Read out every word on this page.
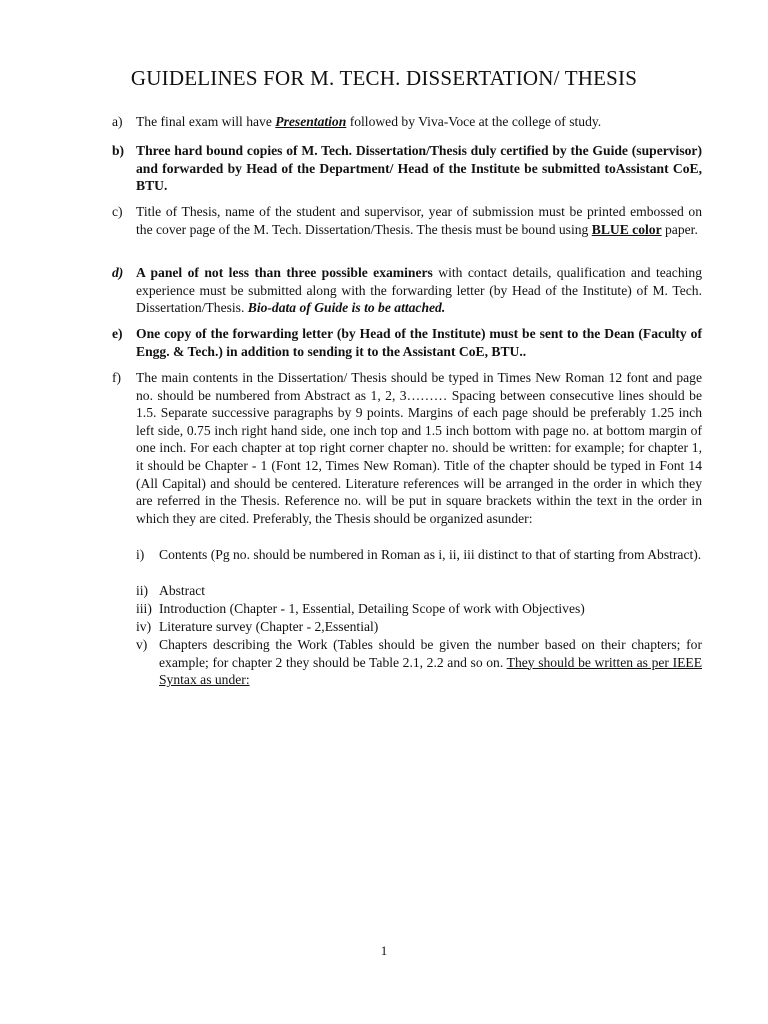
GUIDELINES FOR M. TECH. DISSERTATION/ THESIS
a) The final exam will have Presentation followed by Viva-Voce at the college of study.
b) Three hard bound copies of M. Tech. Dissertation/Thesis duly certified by the Guide (supervisor) and forwarded by Head of the Department/ Head of the Institute be submitted toAssistant CoE, BTU.
c) Title of Thesis, name of the student and supervisor, year of submission must be printed embossed on the cover page of the M. Tech. Dissertation/Thesis. The thesis must be bound using BLUE color paper.
d) A panel of not less than three possible examiners with contact details, qualification and teaching experience must be submitted along with the forwarding letter (by Head of the Institute) of M. Tech. Dissertation/Thesis. Bio-data of Guide is to be attached.
e) One copy of the forwarding letter (by Head of the Institute) must be sent to the Dean (Faculty of Engg. & Tech.) in addition to sending it to the Assistant CoE, BTU..
f) The main contents in the Dissertation/ Thesis should be typed in Times New Roman 12 font and page no. should be numbered from Abstract as 1, 2, 3……… Spacing between consecutive lines should be 1.5. Separate successive paragraphs by 9 points. Margins of each page should be preferably 1.25 inch left side, 0.75 inch right hand side, one inch top and 1.5 inch bottom with page no. at bottom margin of one inch. For each chapter at top right corner chapter no. should be written: for example; for chapter 1, it should be Chapter - 1 (Font 12, Times New Roman). Title of the chapter should be typed in Font 14 (All Capital) and should be centered. Literature references will be arranged in the order in which they are referred in the Thesis. Reference no. will be put in square brackets within the text in the order in which they are cited. Preferably, the Thesis should be organized asunder:
i) Contents (Pg no. should be numbered in Roman as i, ii, iii distinct to that of starting from Abstract).
ii) Abstract
iii) Introduction (Chapter - 1, Essential, Detailing Scope of work with Objectives)
iv) Literature survey (Chapter - 2,Essential)
v) Chapters describing the Work (Tables should be given the number based on their chapters; for example; for chapter 2 they should be Table 2.1, 2.2 and so on. They should be written as per IEEE Syntax as under:
1
